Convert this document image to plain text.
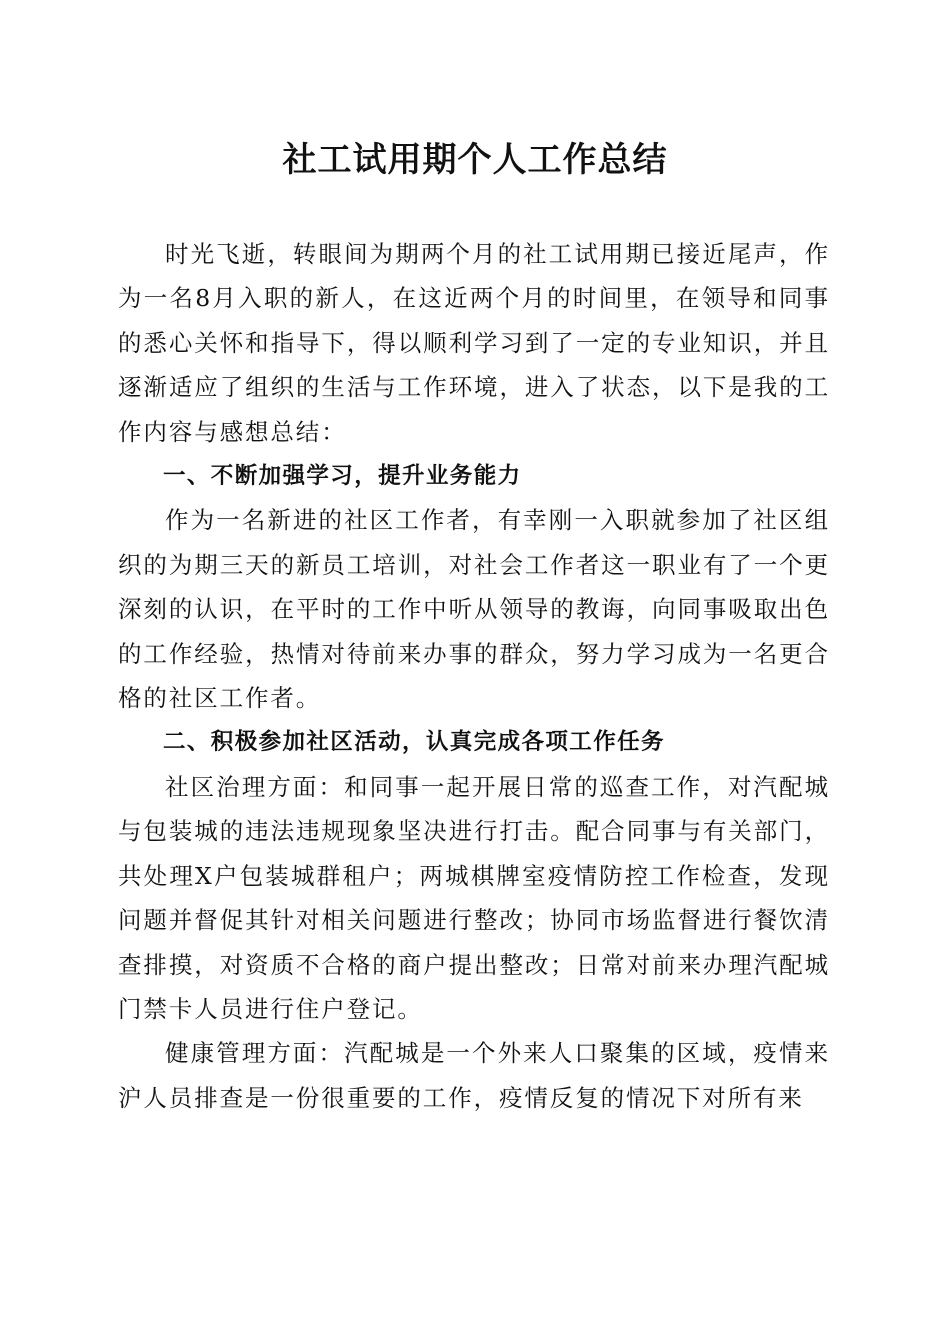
社工试用期个人工作总结

时光飞逝，转眼间为期两个月的社工试用期已接近尾声，作为一名8月入职的新人，在这近两个月的时间里，在领导和同事的悉心关怀和指导下，得以顺利学习到了一定的专业知识，并且逐渐适应了组织的生活与工作环境，进入了状态，以下是我的工作内容与感想总结：

一、不断加强学习，提升业务能力

作为一名新进的社区工作者，有幸刚一入职就参加了社区组织的为期三天的新员工培训，对社会工作者这一职业有了一个更深刻的认识，在平时的工作中听从领导的教诲，向同事吸取出色的工作经验，热情对待前来办事的群众，努力学习成为一名更合格的社区工作者。

二、积极参加社区活动，认真完成各项工作任务

社区治理方面：和同事一起开展日常的巡查工作，对汽配城与包装城的违法违规现象坚决进行打击。配合同事与有关部门，共处理X户包装城群租户；两城棋牌室疫情防控工作检查，发现问题并督促其针对相关问题进行整改；协同市场监督进行餐饮清查排摸，对资质不合格的商户提出整改；日常对前来办理汽配城门禁卡人员进行住户登记。

健康管理方面：汽配城是一个外来人口聚集的区域，疫情来沪人员排查是一份很重要的工作，疫情反复的情况下对所有来
